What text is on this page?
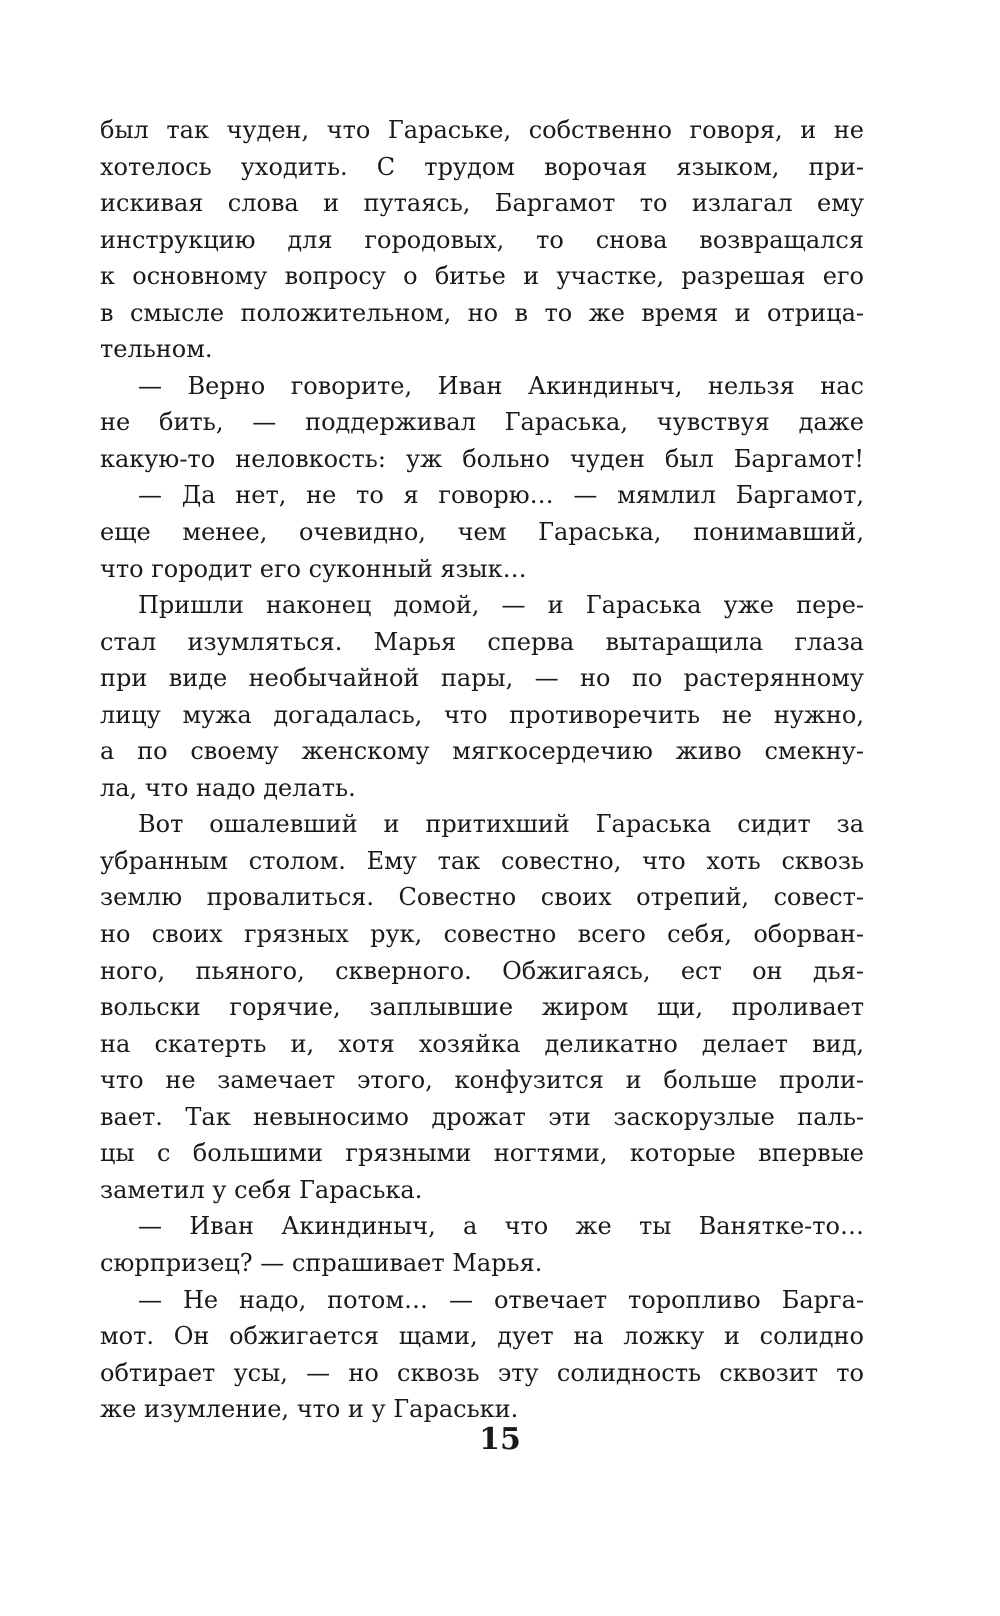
был так чуден, что Гараське, собственно говоря, и не
хотелось уходить. С трудом ворочая языком, при-
искивая слова и путаясь, Баргамот то излагал ему
инструкцию для городовых, то снова возвращался
к основному вопросу о битье и участке, разрешая его
в смысле положительном, но в то же время и отрица-
тельном.
— Верно говорите, Иван Акиндиныч, нельзя нас
не бить, — поддерживал Гараська, чувствуя даже
какую-то неловкость: уж больно чуден был Баргамот!
— Да нет, не то я говорю… — мямлил Баргамот,
еще менее, очевидно, чем Гараська, понимавший,
что городит его суконный язык…
Пришли наконец домой, — и Гараська уже пере-
стал изумляться. Марья сперва вытаращила глаза
при виде необычайной пары, — но по растерянному
лицу мужа догадалась, что противоречить не нужно,
а по своему женскому мягкосердечию живо смекну-
ла, что надо делать.
Вот ошалевший и притихший Гараська сидит за
убранным столом. Ему так совестно, что хоть сквозь
землю провалиться. Совестно своих отрепий, совест-
но своих грязных рук, совестно всего себя, оборван-
ного, пьяного, скверного. Обжигаясь, ест он дья-
вольски горячие, заплывшие жиром щи, проливает
на скатерть и, хотя хозяйка деликатно делает вид,
что не замечает этого, конфузится и больше проли-
вает. Так невыносимо дрожат эти заскорузлые паль-
цы с большими грязными ногтями, которые впервые
заметил у себя Гараська.
— Иван Акиндиныч, а что же ты Ванятке-то…
сюрпризец? — спрашивает Марья.
— Не надо, потом… — отвечает торопливо Барга-
мот. Он обжигается щами, дует на ложку и солидно
обтирает усы, — но сквозь эту солидность сквозит то
же изумление, что и у Гараськи.
15
